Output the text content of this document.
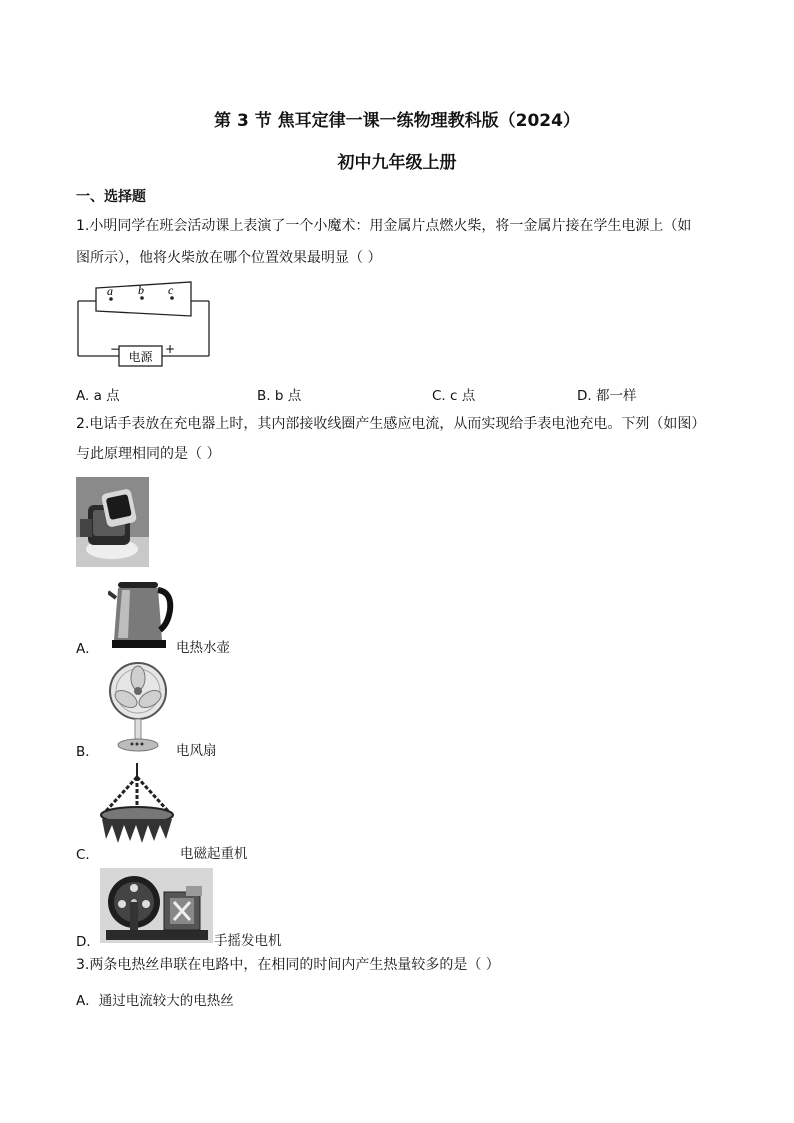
第 3 节 焦耳定律一课一练物理教科版（2024）
初中九年级上册
一、选择题
1.小明同学在班会活动课上表演了一个小魔术：用金属片点燃火柴，将一金属片接在学生电源上（如
图所示），他将火柴放在哪个位置效果最明显（ ）
a b c
电源
−	+
A. a 点	B. b 点	C. c 点	D. 都一样
2.电话手表放在充电器上时，其内部接收线圈产生感应电流，从而实现给手表电池充电。下列（如图）
与此原理相同的是（ ）
A．	电热水壶
B．	电风扇
C．	电磁起重机
D．	手摇发电机
3.两条电热丝串联在电路中，在相同的时间内产生热量较多的是（ ）
A．通过电流较大的电热丝
